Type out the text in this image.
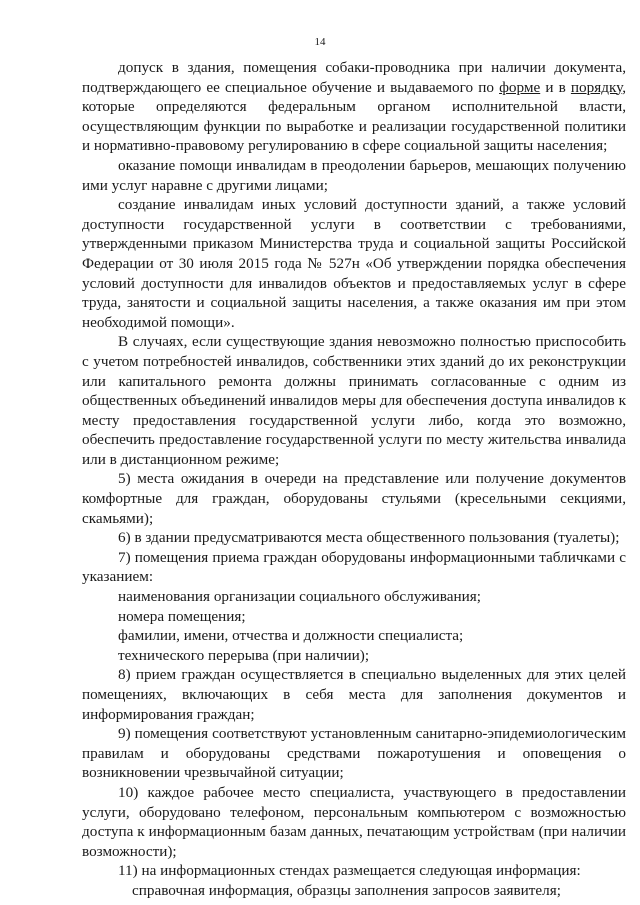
14

допуск в здания, помещения собаки-проводника при наличии документа, подтверждающего ее специальное обучение и выдаваемого по форме и в порядку, которые определяются федеральным органом исполнительной власти, осуществляющим функции по выработке и реализации государственной политики и нормативно-правовому регулированию в сфере социальной защиты населения;

оказание помощи инвалидам в преодолении барьеров, мешающих получению ими услуг наравне с другими лицами;

создание инвалидам иных условий доступности зданий, а также условий доступности государственной услуги в соответствии с требованиями, утвержденными приказом Министерства труда и социальной защиты Российской Федерации от 30 июля 2015 года № 527н «Об утверждении порядка обеспечения условий доступности для инвалидов объектов и предоставляемых услуг в сфере труда, занятости и социальной защиты населения, а также оказания им при этом необходимой помощи».

В случаях, если существующие здания невозможно полностью приспособить с учетом потребностей инвалидов, собственники этих зданий до их реконструкции или капитального ремонта должны принимать согласованные с одним из общественных объединений инвалидов меры для обеспечения доступа инвалидов к месту предоставления государственной услуги либо, когда это возможно, обеспечить предоставление государственной услуги по месту жительства инвалида или в дистанционном режиме;

5) места ожидания в очереди на представление или получение документов комфортные для граждан, оборудованы стульями (кресельными секциями, скамьями);

6) в здании предусматриваются места общественного пользования (туалеты);

7) помещения приема граждан оборудованы информационными табличками с указанием:

наименования организации социального обслуживания;

номера помещения;

фамилии, имени, отчества и должности специалиста;

технического перерыва (при наличии);

8) прием граждан осуществляется в специально выделенных для этих целей помещениях, включающих в себя места для заполнения документов и информирования граждан;

9) помещения соответствуют установленным санитарно-эпидемиологическим правилам и оборудованы средствами пожаротушения и оповещения о возникновении чрезвычайной ситуации;

10) каждое рабочее место специалиста, участвующего в предоставлении услуги, оборудовано телефоном, персональным компьютером с возможностью доступа к информационным базам данных, печатающим устройствам (при наличии возможности);

11) на информационных стендах размещается следующая информация:

справочная информация, образцы заполнения запросов заявителя;
